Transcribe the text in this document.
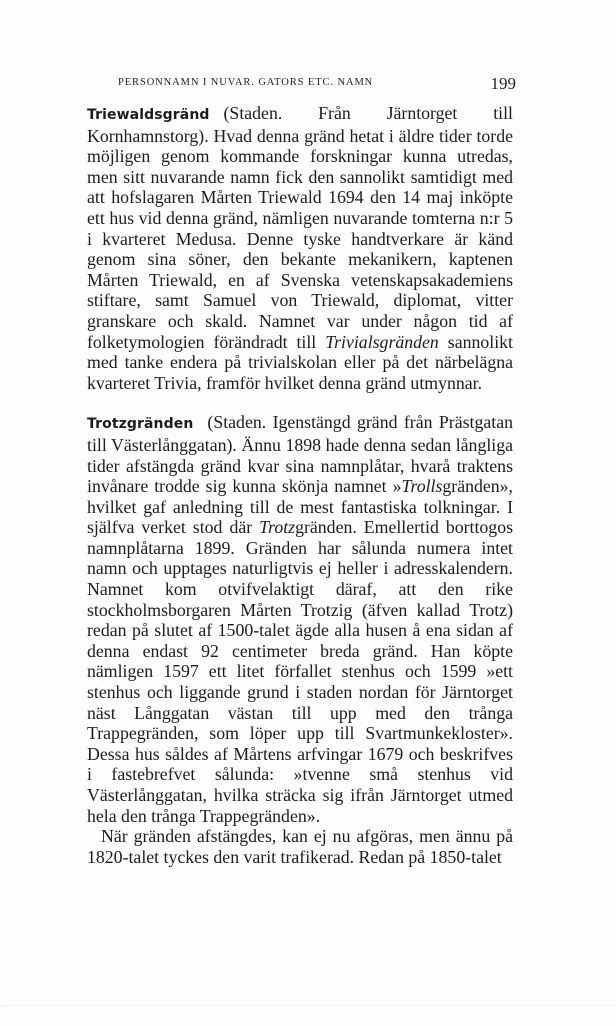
PERSONNAMN I NUVAR. GATORS ETC. NAMN	199

Triewaldsgränd (Staden. Från Järntorget till Kornhamnstorg). Hvad denna gränd hetat i äldre tider torde möjligen genom kommande forskningar kunna utredas, men sitt nuvarande namn fick den sannolikt samtidigt med att hofslagaren Mårten Triewald 1694 den 14 maj inköpte ett hus vid denna gränd, nämligen nuvarande tomterna n:r 5 i kvarteret Medusa. Denne tyske handtverkare är känd genom sina söner, den bekante mekanikern, kaptenen Mårten Triewald, en af Svenska vetenskapsakademiens stiftare, samt Samuel von Triewald, diplomat, vitter granskare och skald. Namnet var under någon tid af folketymologien förändradt till Trivialsgränden sannolikt med tanke endera på trivialskolan eller på det närbelägna kvarteret Trivia, framför hvilket denna gränd utmynnar.

Trotzgränden (Staden. Igenstängd gränd från Prästgatan till Västerlånggatan). Ännu 1898 hade denna sedan långliga tider afstängda gränd kvar sina namnplåtar, hvarå traktens invånare trodde sig kunna skönja namnet »Trollsgränden», hvilket gaf anledning till de mest fantastiska tolkningar. I själfva verket stod där Trotzgränden. Emellertid borttogos namnplåtarna 1899. Gränden har sålunda numera intet namn och upptages naturligtvis ej heller i adresskalendern. Namnet kom otvifvelaktigt däraf, att den rike stockholmsborgaren Mårten Trotzig (äfven kallad Trotz) redan på slutet af 1500-talet ägde alla husen å ena sidan af denna endast 92 centimeter breda gränd. Han köpte nämligen 1597 ett litet förfallet stenhus och 1599 »ett stenhus och liggande grund i staden nordan för Järntorget näst Långgatan västan till upp med den trånga Trappegränden, som löper upp till Svartmunkekloster». Dessa hus såldes af Mårtens arfvingar 1679 och beskrifves i fastebrefvet sålunda: »tvenne små stenhus vid Västerlånggatan, hvilka sträcka sig ifrån Järntorget utmed hela den trånga Trappegränden».

När gränden afstängdes, kan ej nu afgöras, men ännu på 1820-talet tyckes den varit trafikerad. Redan på 1850-talet
